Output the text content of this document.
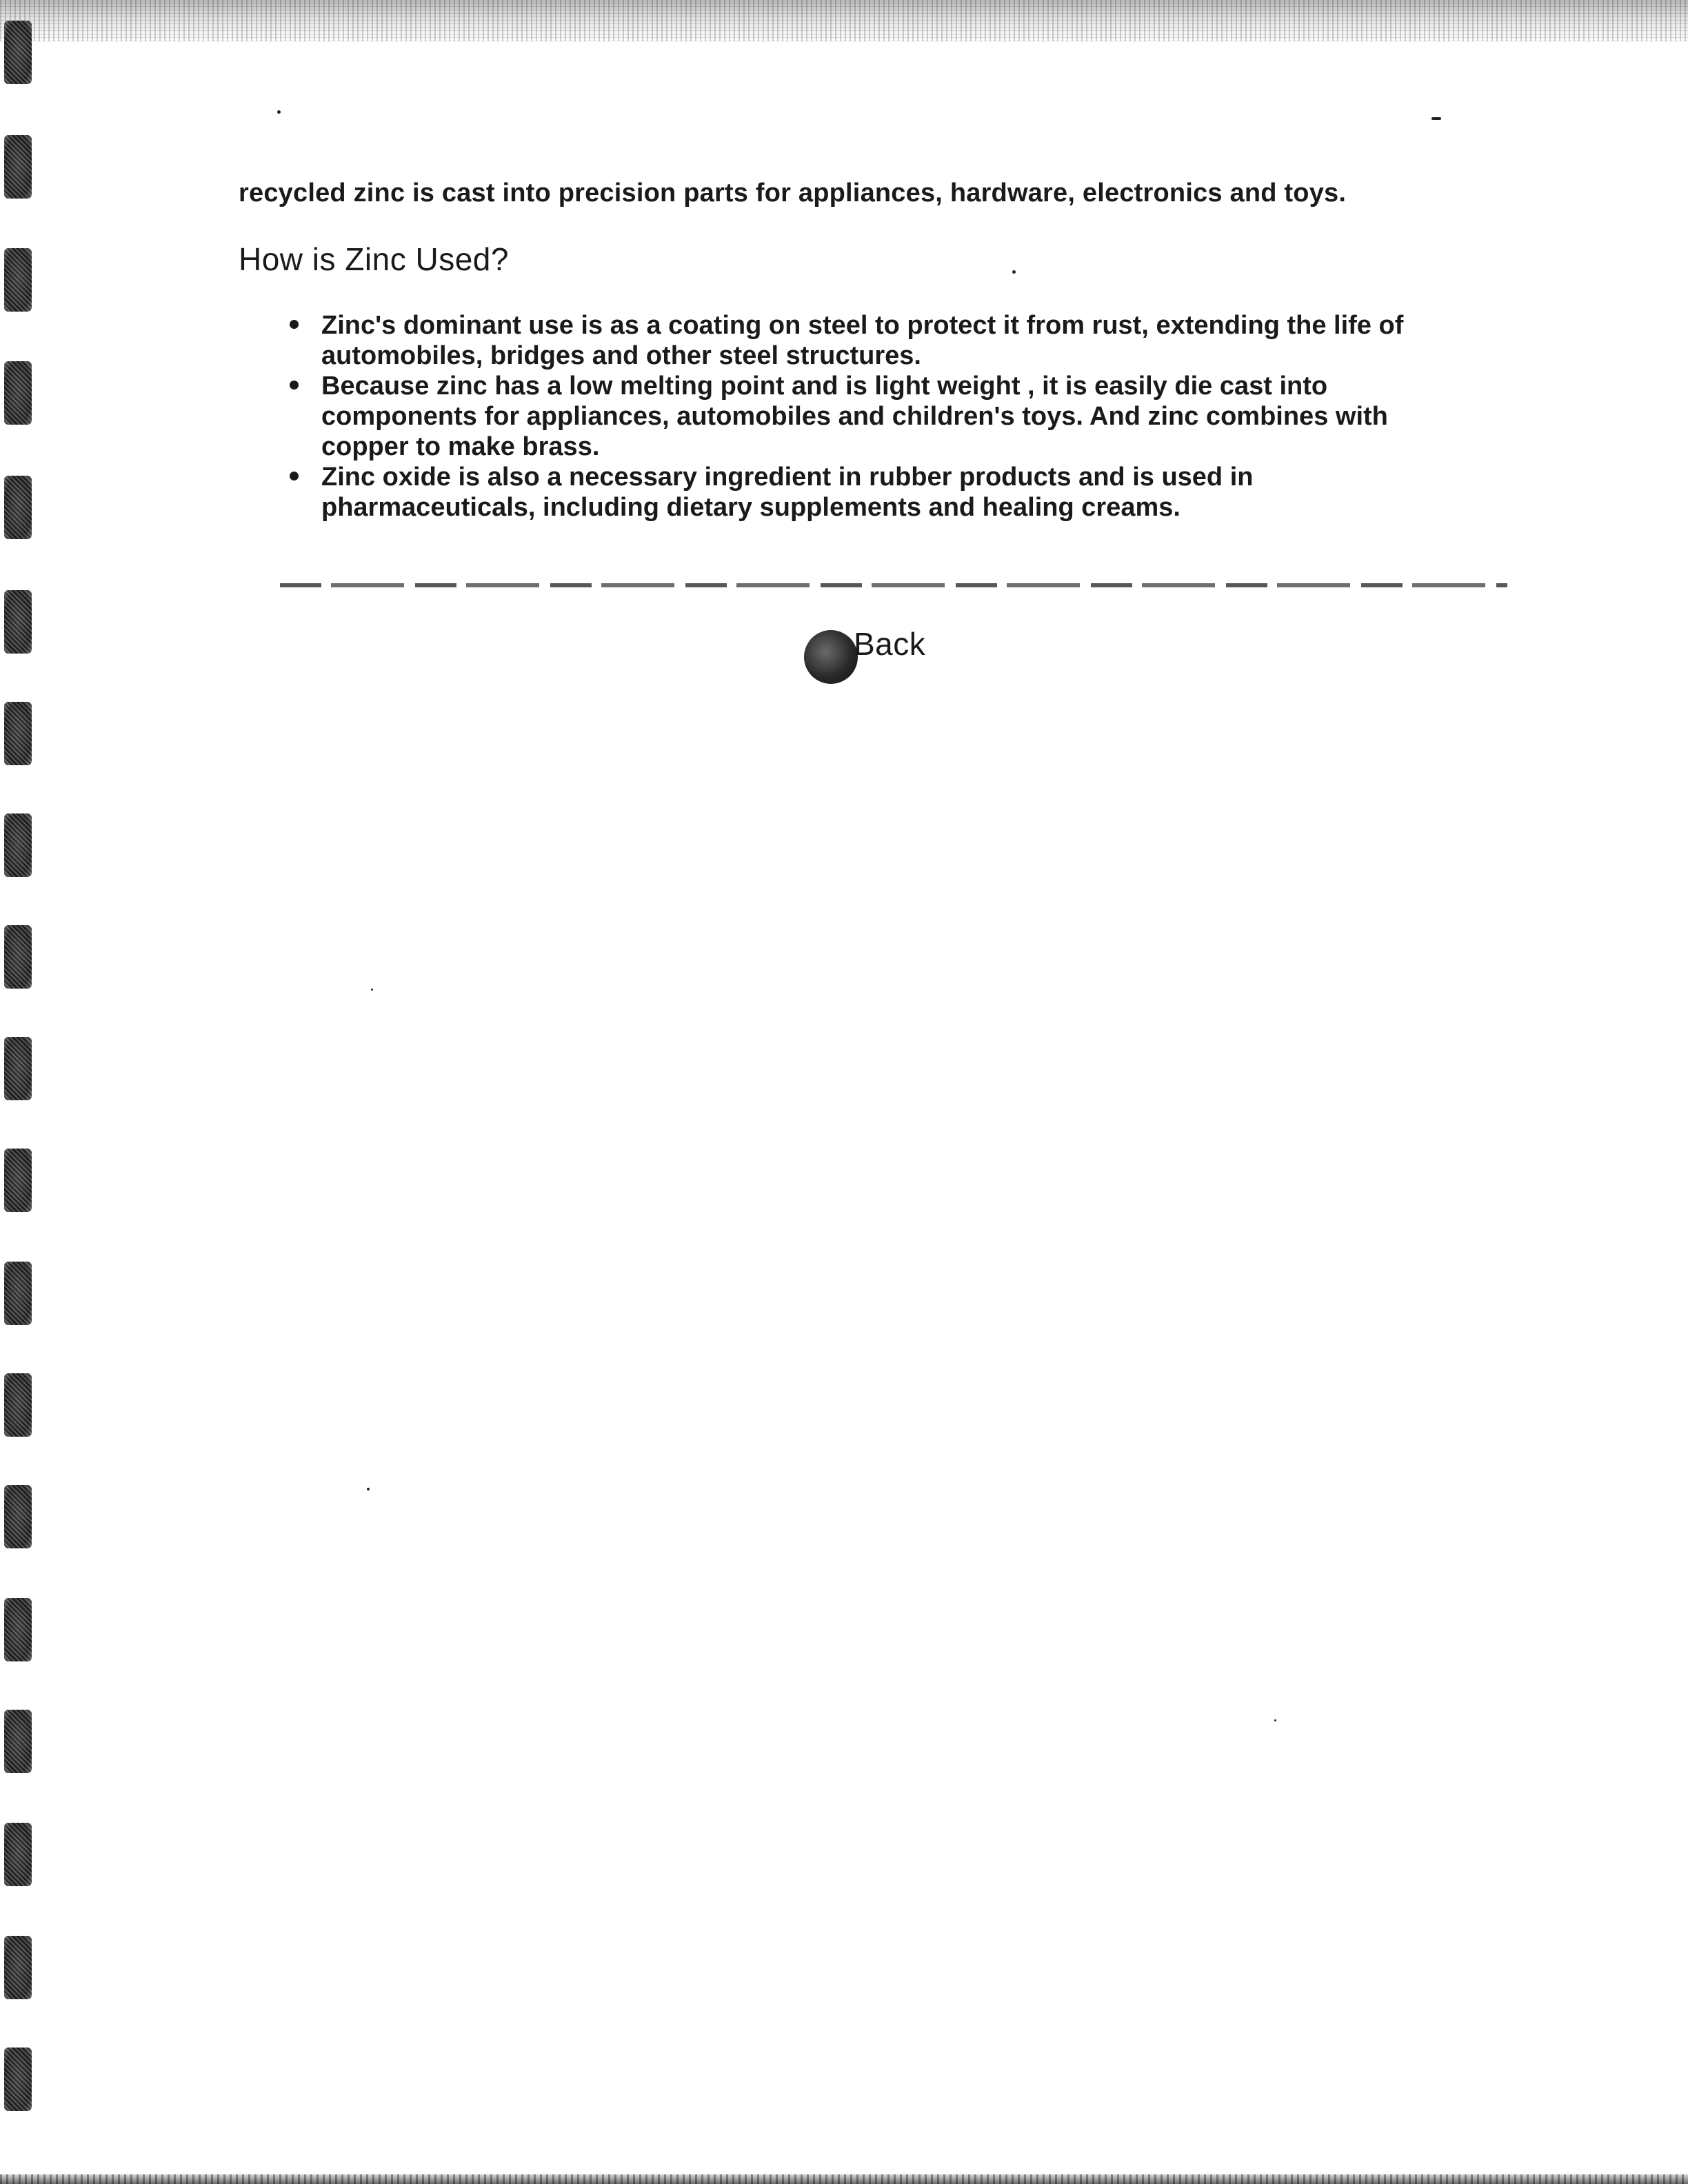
recycled zinc is cast into precision parts for appliances, hardware, electronics and toys.

How is Zinc Used?
Zinc's dominant use is as a coating on steel to protect it from rust, extending the life of
automobiles, bridges and other steel structures.
Because zinc has a low melting point and is light weight , it is easily die cast into
components for appliances, automobiles and children's toys. And zinc combines with
copper to make brass.
Zinc oxide is also a necessary ingredient in rubber products and is used in
pharmaceuticals, including dietary supplements and healing creams.
Back
